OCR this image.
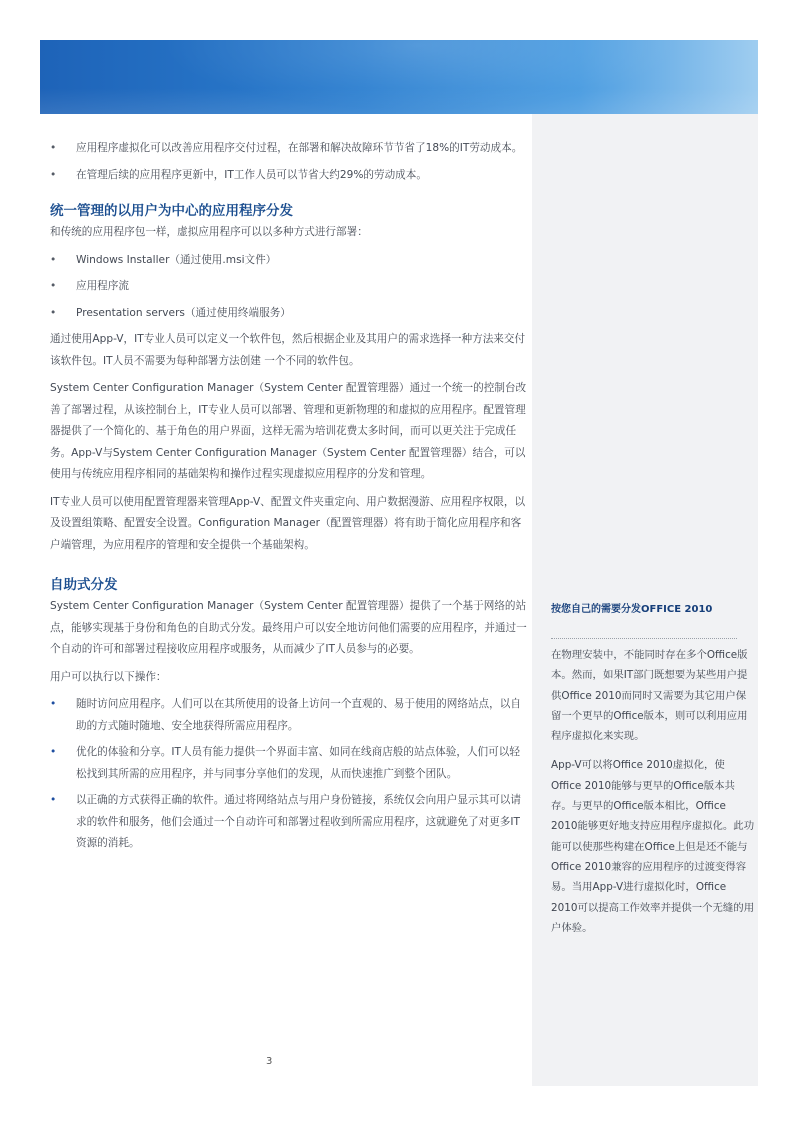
•	应用程序虚拟化可以改善应用程序交付过程，在部署和解决故障环节节省了18%的IT劳动成本。
•	在管理后续的应用程序更新中，IT工作人员可以节省大约29%的劳动成本。
统一管理的以用户为中心的应用程序分发

和传统的应用程序包一样，虚拟应用程序可以以多种方式进行部署：

•	Windows Installer（通过使用.msi文件）
•	应用程序流
•	Presentation servers（通过使用终端服务）

通过使用App-V，IT专业人员可以定义一个软件包，然后根据企业及其用户的需求选择一种方法来交付该软件包。IT人员不需要为每种部署方法创建 一个不同的软件包。

System Center Configuration Manager（System Center 配置管理器）通过一个统一的控制台改善了部署过程，从该控制台上，IT专业人员可以部署、管理和更新物理的和虚拟的应用程序。配置管理器提供了一个简化的、基于角色的用户界面，这样无需为培训花费太多时间，而可以更关注于完成任务。App-V与System Center Configuration Manager（System Center 配置管理器）结合，可以使用与传统应用程序相同的基础架构和操作过程实现虚拟应用程序的分发和管理。

IT专业人员可以使用配置管理器来管理App-V、配置文件夹重定向、用户数据漫游、应用程序权限，以及设置组策略、配置安全设置。Configuration Manager（配置管理器）将有助于简化应用程序和客户端管理，为应用程序的管理和安全提供一个基础架构。

自助式分发

System Center Configuration Manager（System Center 配置管理器）提供了一个基于网络的站点，能够实现基于身份和角色的自助式分发。最终用户可以安全地访问他们需要的应用程序，并通过一个自动的许可和部署过程接收应用程序或服务，从而减少了IT人员参与的必要。

用户可以执行以下操作：

•	随时访问应用程序。人们可以在其所使用的设备上访问一个直观的、易于使用的网络站点，以自助的方式随时随地、安全地获得所需应用程序。
•	优化的体验和分享。IT人员有能力提供一个界面丰富、如同在线商店般的站点体验，人们可以轻松找到其所需的应用程序，并与同事分享他们的发现，从而快速推广到整个团队。
•	以正确的方式获得正确的软件。通过将网络站点与用户身份链接，系统仅会向用户显示其可以请求的软件和服务，他们会通过一个自动许可和部署过程收到所需应用程序，这就避免了对更多IT资源的消耗。
按您自己的需要分发OFFICE 2010

在物理安装中，不能同时存在多个Office版本。然而，如果IT部门既想要为某些用户提供Office 2010而同时又需要为其它用户保留一个更早的Office版本，则可以利用应用程序虚拟化来实现。

App-V可以将Office 2010虚拟化，使Office 2010能够与更早的Office版本共存。与更早的Office版本相比，Office 2010能够更好地支持应用程序虚拟化。此功能可以使那些构建在Office上但是还不能与Office 2010兼容的应用程序的过渡变得容易。当用App-V进行虚拟化时，Office 2010可以提高工作效率并提供一个无缝的用户体验。

3
